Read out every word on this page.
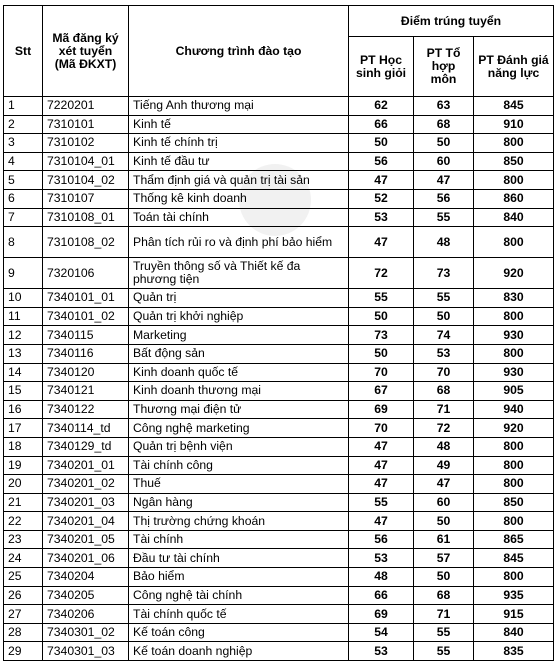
Stt	Mã đăng ký xét tuyển (Mã ĐKXT)	Chương trình đào tạo	Điểm trúng tuyển		
			PT Học sinh giỏi	PT Tổ hợp môn	PT Đánh giá năng lực
1	7220201	Tiếng Anh thương mại	62	63	845
2	7310101	Kinh tế	66	68	910
3	7310102	Kinh tế chính trị	50	50	800
4	7310104_01	Kinh tế đầu tư	56	60	850
5	7310104_02	Thẩm định giá và quản trị tài sản	47	47	800
6	7310107	Thống kê kinh doanh	52	56	860
7	7310108_01	Toán tài chính	53	55	840
8	7310108_02	Phân tích rủi ro và định phí bảo hiểm	47	48	800
9	7320106	Truyền thông số và Thiết kế đa phương tiện	72	73	920
10	7340101_01	Quản trị	55	55	830
11	7340101_02	Quản trị khởi nghiệp	50	50	800
12	7340115	Marketing	73	74	930
13	7340116	Bất động sản	50	53	800
14	7340120	Kinh doanh quốc tế	70	70	930
15	7340121	Kinh doanh thương mại	67	68	905
16	7340122	Thương mại điện tử	69	71	940
17	7340114_td	Công nghệ marketing	70	72	920
18	7340129_td	Quản trị bệnh viện	47	48	800
19	7340201_01	Tài chính công	47	49	800
20	7340201_02	Thuế	47	47	800
21	7340201_03	Ngân hàng	55	60	850
22	7340201_04	Thị trường chứng khoán	47	50	800
23	7340201_05	Tài chính	56	61	865
24	7340201_06	Đầu tư tài chính	53	57	845
25	7340204	Bảo hiểm	48	50	800
26	7340205	Công nghệ tài chính	66	68	935
27	7340206	Tài chính quốc tế	69	71	915
28	7340301_02	Kế toán công	54	55	840
29	7340301_03	Kế toán doanh nghiệp	53	55	835
